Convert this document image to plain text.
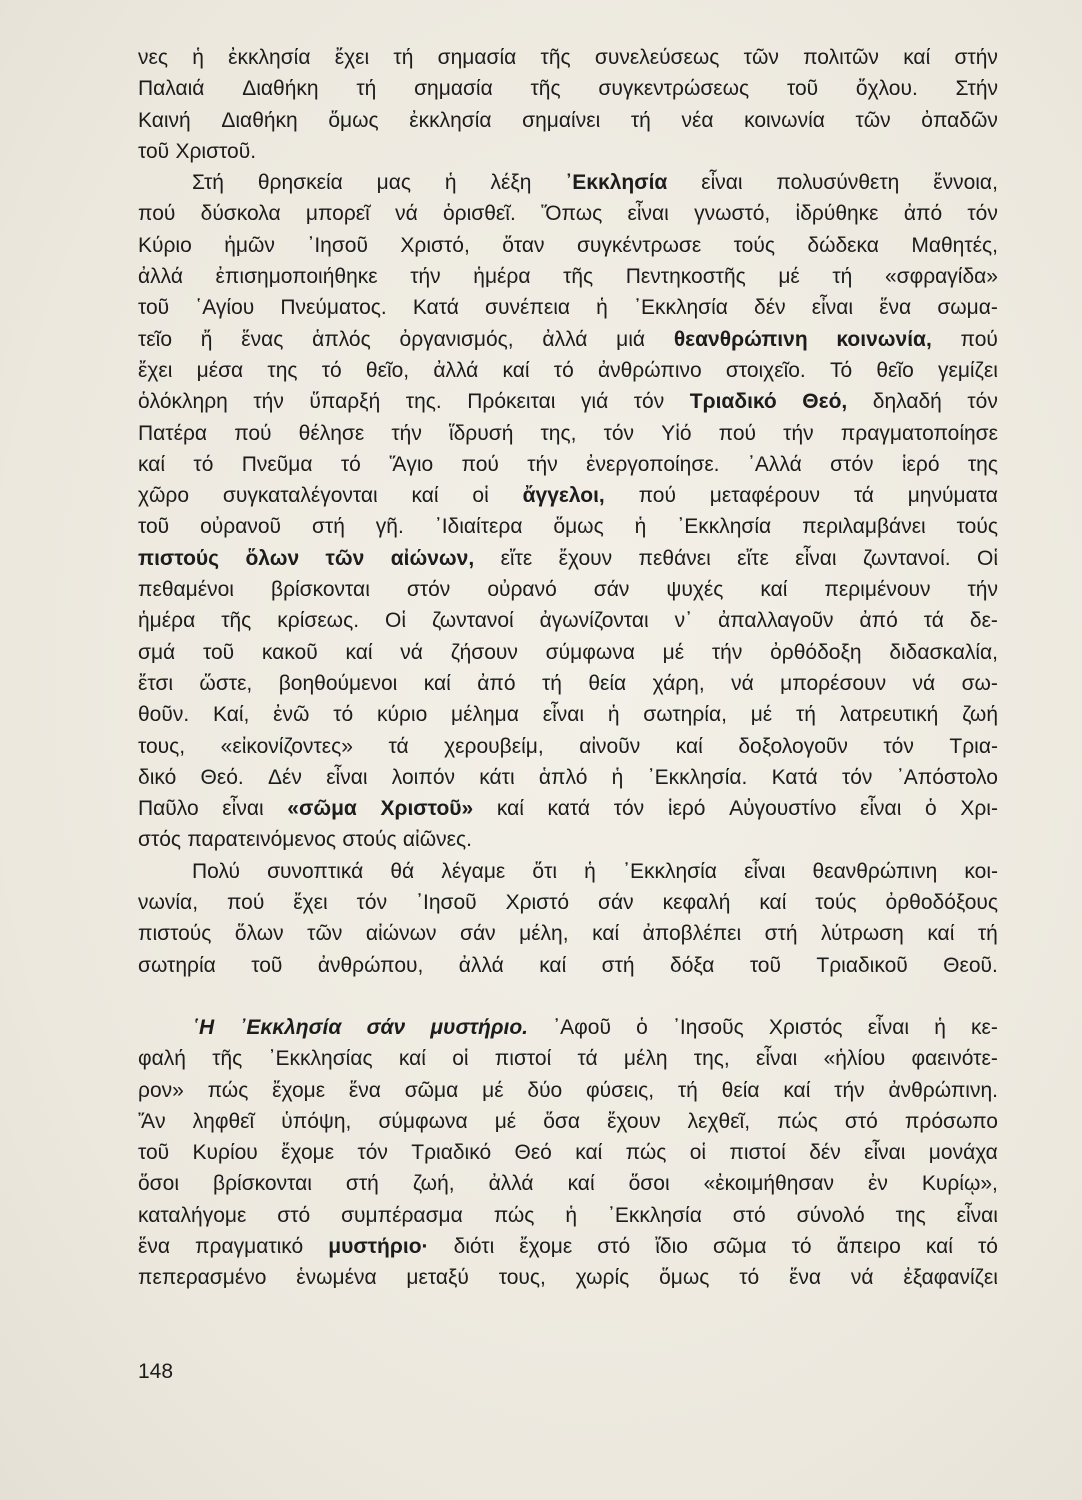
νες ἡ ἐκκλησία ἔχει τή σημασία τῆς συνελεύσεως τῶν πολιτῶν καί στήν
Παλαιά Διαθήκη τή σημασία τῆς συγκεντρώσεως τοῦ ὄχλου. Στήν
Καινή Διαθήκη ὅμως ἐκκλησία σημαίνει τή νέα κοινωνία τῶν ὀπαδῶν
τοῦ Χριστοῦ.
Στή θρησκεία μας ἡ λέξη ᾿Εκκλησία εἶναι πολυσύνθετη ἔννοια,
πού δύσκολα μπορεῖ νά ὁρισθεῖ. Ὅπως εἶναι γνωστό, ἱδρύθηκε ἀπό τόν
Κύριο ἡμῶν ᾿Ιησοῦ Χριστό, ὅταν συγκέντρωσε τούς δώδεκα Μαθητές,
ἀλλά ἐπισημοποιήθηκε τήν ἡμέρα τῆς Πεντηκοστῆς μέ τή «σφραγίδα»
τοῦ ῾Αγίου Πνεύματος. Κατά συνέπεια ἡ ᾿Εκκλησία δέν εἶναι ἕνα σωμα-
τεῖο ἤ ἕνας ἁπλός ὀργανισμός, ἀλλά μιά θεανθρώπινη κοινωνία, πού
ἔχει μέσα της τό θεῖο, ἀλλά καί τό ἀνθρώπινο στοιχεῖο. Τό θεῖο γεμίζει
ὁλόκληρη τήν ὕπαρξή της. Πρόκειται γιά τόν Τριαδικό Θεό, δηλαδή τόν
Πατέρα πού θέλησε τήν ἵδρυσή της, τόν Υἱό πού τήν πραγματοποίησε
καί τό Πνεῦμα τό Ἅγιο πού τήν ἐνεργοποίησε. ᾿Αλλά στόν ἱερό της
χῶρο συγκαταλέγονται καί οἱ ἄγγελοι, πού μεταφέρουν τά μηνύματα
τοῦ οὐρανοῦ στή γῆ. ᾿Ιδιαίτερα ὅμως ἡ ᾿Εκκλησία περιλαμβάνει τούς
πιστούς ὅλων τῶν αἰώνων, εἴτε ἔχουν πεθάνει εἴτε εἶναι ζωντανοί. Οἱ
πεθαμένοι βρίσκονται στόν οὐρανό σάν ψυχές καί περιμένουν τήν
ἡμέρα τῆς κρίσεως. Οἱ ζωντανοί ἀγωνίζονται ν᾿ ἀπαλλαγοῦν ἀπό τά δε-
σμά τοῦ κακοῦ καί νά ζήσουν σύμφωνα μέ τήν ὀρθόδοξη διδασκαλία,
ἔτσι ὥστε, βοηθούμενοι καί ἀπό τή θεία χάρη, νά μπορέσουν νά σω-
θοῦν. Καί, ἐνῶ τό κύριο μέλημα εἶναι ἡ σωτηρία, μέ τή λατρευτική ζωή
τους, «εἰκονίζοντες» τά χερουβείμ, αἰνοῦν καί δοξολογοῦν τόν Τρια-
δικό Θεό. Δέν εἶναι λοιπόν κάτι ἁπλό ἡ ᾿Εκκλησία. Κατά τόν ᾿Απόστολο
Παῦλο εἶναι «σῶμα Χριστοῦ» καί κατά τόν ἱερό Αὐγουστίνο εἶναι ὁ Χρι-
στός παρατεινόμενος στούς αἰῶνες.
Πολύ συνοπτικά θά λέγαμε ὅτι ἡ ᾿Εκκλησία εἶναι θεανθρώπινη κοι-
νωνία, πού ἔχει τόν ᾿Ιησοῦ Χριστό σάν κεφαλή καί τούς ὀρθοδόξους
πιστούς ὅλων τῶν αἰώνων σάν μέλη, καί ἀποβλέπει στή λύτρωση καί τή
σωτηρία τοῦ ἀνθρώπου, ἀλλά καί στή δόξα τοῦ Τριαδικοῦ Θεοῦ.
῾Η ᾿Εκκλησία σάν μυστήριο. ᾿Αφοῦ ὁ ᾿Ιησοῦς Χριστός εἶναι ἡ κε-
φαλή τῆς ᾿Εκκλησίας καί οἱ πιστοί τά μέλη της, εἶναι «ἡλίου φαεινότε-
ρον» πώς ἔχομε ἕνα σῶμα μέ δύο φύσεις, τή θεία καί τήν ἀνθρώπινη.
Ἄν ληφθεῖ ὑπόψη, σύμφωνα μέ ὅσα ἔχουν λεχθεῖ, πώς στό πρόσωπο
τοῦ Κυρίου ἔχομε τόν Τριαδικό Θεό καί πώς οἱ πιστοί δέν εἶναι μονάχα
ὅσοι βρίσκονται στή ζωή, ἀλλά καί ὅσοι «ἐκοιμήθησαν ἐν Κυρίῳ»,
καταλήγομε στό συμπέρασμα πώς ἡ ᾿Εκκλησία στό σύνολό της εἶναι
ἕνα πραγματικό μυστήριο· διότι ἔχομε στό ἴδιο σῶμα τό ἄπειρο καί τό
πεπερασμένο ἑνωμένα μεταξύ τους, χωρίς ὅμως τό ἕνα νά ἐξαφανίζει
148
